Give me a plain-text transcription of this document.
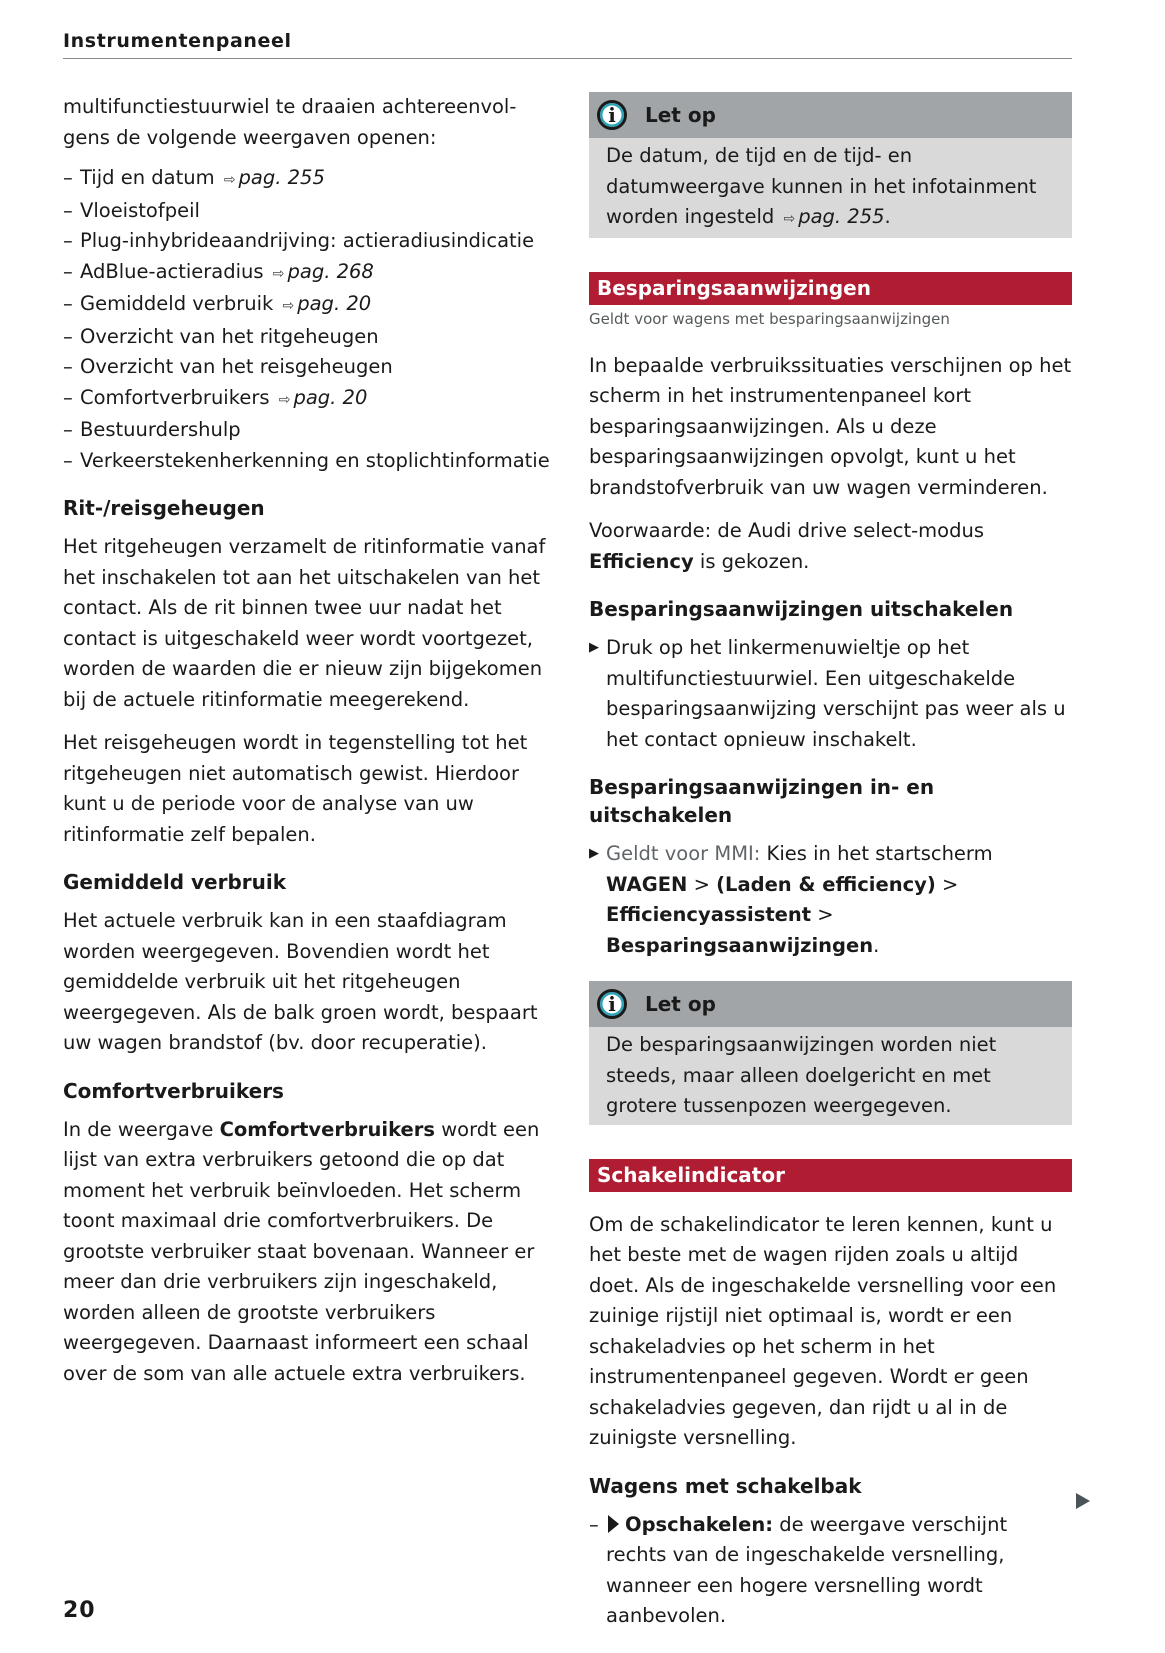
Instrumentenpaneel

multifunctiestuurwiel te draaien achtereenvol-
gens de volgende weergaven openen:

– Tijd en datum ⇨ pag. 255
– Vloeistofpeil
– Plug-inhybrideaandrijving: actieradiusindicatie
– AdBlue-actieradius ⇨ pag. 268
– Gemiddeld verbruik ⇨ pag. 20
– Overzicht van het ritgeheugen
– Overzicht van het reisgeheugen
– Comfortverbruikers ⇨ pag. 20
– Bestuurdershulp
– Verkeerstekenherkenning en stoplichtinformatie
Rit-/reisgeheugen

Het ritgeheugen verzamelt de ritinformatie vanaf het inschakelen tot aan het uitschakelen van het contact. Als de rit binnen twee uur nadat het contact is uitgeschakeld weer wordt voortgezet, worden de waarden die er nieuw zijn bijgekomen bij de actuele ritinformatie meegerekend.

Het reisgeheugen wordt in tegenstelling tot het ritgeheugen niet automatisch gewist. Hierdoor kunt u de periode voor de analyse van uw ritinformatie zelf bepalen.

Gemiddeld verbruik

Het actuele verbruik kan in een staafdiagram worden weergegeven. Bovendien wordt het gemiddelde verbruik uit het ritgeheugen weergegeven. Als de balk groen wordt, bespaart uw wagen brandstof (bv. door recuperatie).

Comfortverbruikers

In de weergave Comfortverbruikers wordt een lijst van extra verbruikers getoond die op dat moment het verbruik beïnvloeden. Het scherm toont maximaal drie comfortverbruikers. De grootste verbruiker staat bovenaan. Wanneer er meer dan drie verbruikers zijn ingeschakeld, worden alleen de grootste verbruikers weergegeven. Daarnaast informeert een schaal over de som van alle actuele extra verbruikers.

i	Let op

De datum, de tijd en de tijd- en datumweergave kunnen in het infotainment worden ingesteld ⇨ pag. 255.

Besparingsaanwijzingen
Geldt voor wagens met besparingsaanwijzingen

In bepaalde verbruikssituaties verschijnen op het scherm in het instrumentenpaneel kort besparingsaanwijzingen. Als u deze besparingsaanwijzingen opvolgt, kunt u het brandstofverbruik van uw wagen verminderen.

Voorwaarde: de Audi drive select-modus Efficiency is gekozen.

Besparingsaanwijzingen uitschakelen
▶ Druk op het linkermenuwieltje op het multifunctiestuurwiel. Een uitgeschakelde besparingsaanwijzing verschijnt pas weer als u het contact opnieuw inschakelt.
Besparingsaanwijzingen in- en uitschakelen
▶ Geldt voor MMI: Kies in het startscherm WAGEN > (Laden & efficiency) > Efficiencyassistent > Besparingsaanwijzingen.
i	Let op

De besparingsaanwijzingen worden niet steeds, maar alleen doelgericht en met grotere tussenpozen weergegeven.

Schakelindicator

Om de schakelindicator te leren kennen, kunt u het beste met de wagen rijden zoals u altijd doet. Als de ingeschakelde versnelling voor een zuinige rijstijl niet optimaal is, wordt er een schakeladvies op het scherm in het instrumentenpaneel gegeven. Wordt er geen schakeladvies gegeven, dan rijdt u al in de zuinigste versnelling.

Wagens met schakelbak
–	Opschakelen: de weergave verschijnt rechts van de ingeschakelde versnelling, wanneer een hogere versnelling wordt aanbevolen.
20
